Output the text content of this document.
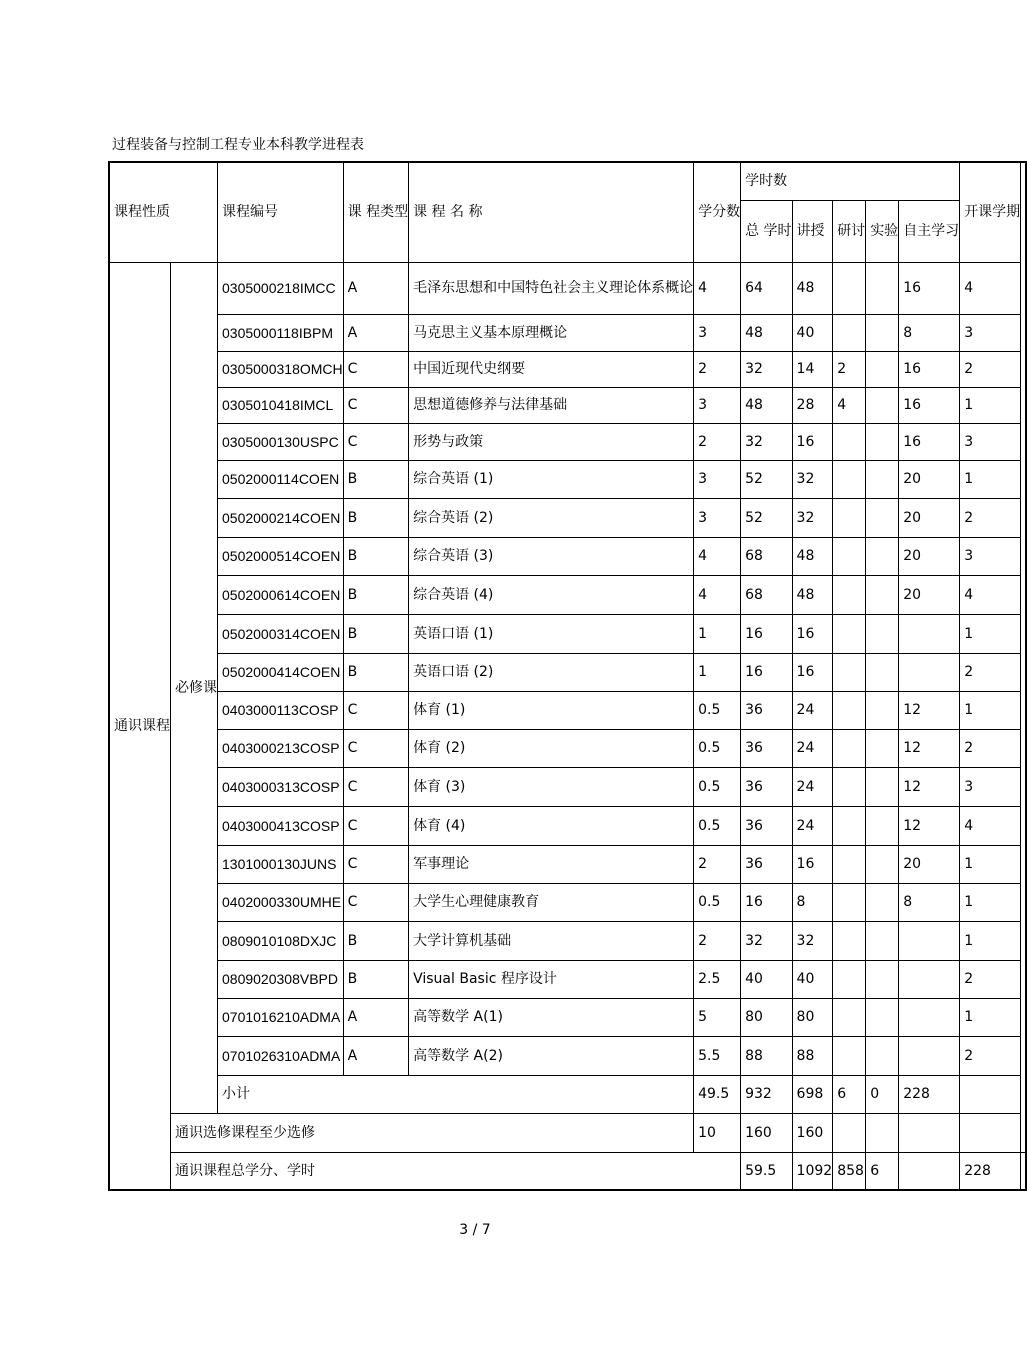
过程装备与控制工程专业本科教学进程表
课程性质		课程编号	课 程类型	课 程 名 称	学分数	学时数					开课学期	
						总 学时	讲授	研讨	实验	自主学习		
通识课程	必修课	0305000218IMCC	A	毛泽东思想和中国特色社会主义理论体系概论	4	64	48			16	4	
		0305000118IBPM	A	马克思主义基本原理概论	3	48	40			8	3	
		0305000318OMCH	C	中国近现代史纲要	2	32	14	2		16	2	
		0305010418IMCL	C	思想道德修养与法律基础	3	48	28	4		16	1	
		0305000130USPC	C	形势与政策	2	32	16			16	3	
		0502000114COEN	B	综合英语 (1)	3	52	32			20	1	
		0502000214COEN	B	综合英语 (2)	3	52	32			20	2	
		0502000514COEN	B	综合英语 (3)	4	68	48			20	3	
		0502000614COEN	B	综合英语 (4)	4	68	48			20	4	
		0502000314COEN	B	英语口语 (1)	1	16	16				1	
		0502000414COEN	B	英语口语 (2)	1	16	16				2	
		0403000113COSP	C	体育 (1)	0.5	36	24			12	1	
		0403000213COSP	C	体育 (2)	0.5	36	24			12	2	
		0403000313COSP	C	体育 (3)	0.5	36	24			12	3	
		0403000413COSP	C	体育 (4)	0.5	36	24			12	4	
		1301000130JUNS	C	军事理论	2	36	16			20	1	
		0402000330UMHE	C	大学生心理健康教育	0.5	16	8			8	1	
		0809010108DXJC	B	大学计算机基础	2	32	32				1	
		0809020308VBPD	B	Visual Basic 程序设计	2.5	40	40				2	
		0701016210ADMA	A	高等数学 A(1)	5	80	80				1	
		0701026310ADMA	A	高等数学 A(2)	5.5	88	88				2	
		小计			49.5	932	698	6	0	228		
	通识选修课程至少选修				10	160	160					
	通识课程总学分、学时					59.5	1092	858	6		228	
3 / 7
